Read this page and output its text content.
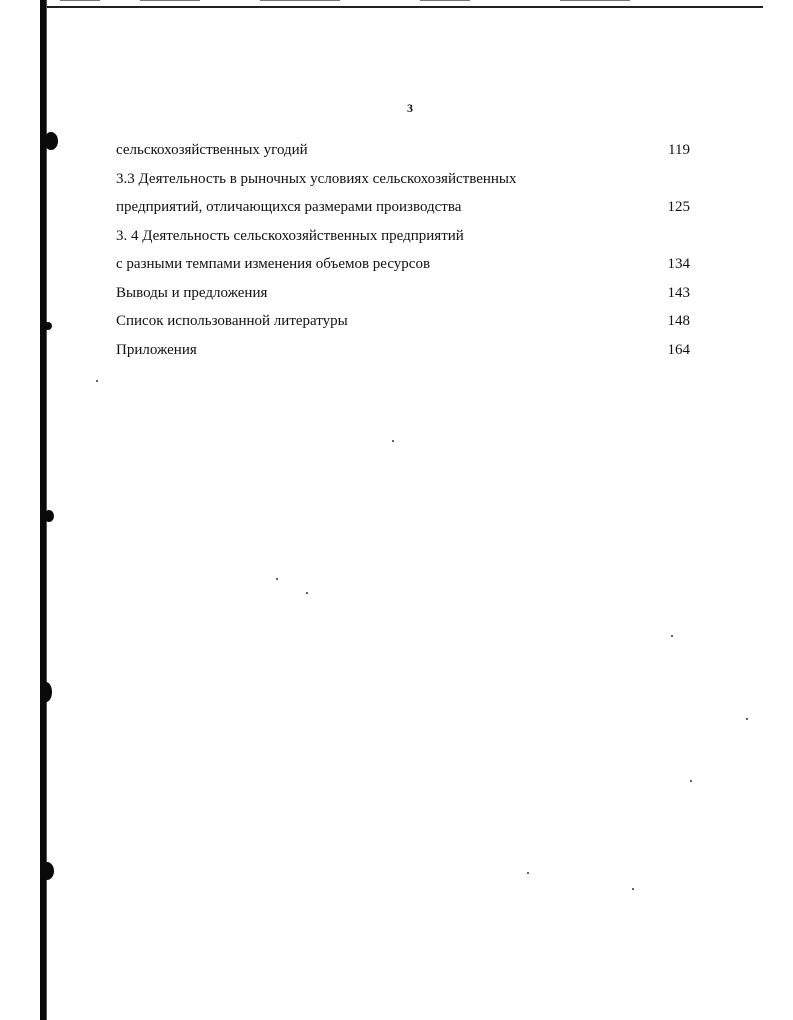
3
сельскохозяйственных угодий	119
3.3 Деятельность в рыночных условиях сельскохозяйственных
предприятий, отличающихся размерами производства	125
3. 4 Деятельность сельскохозяйственных предприятий
с разными темпами изменения объемов ресурсов	134
Выводы и предложения	143
Список использованной литературы	148
Приложения	164
